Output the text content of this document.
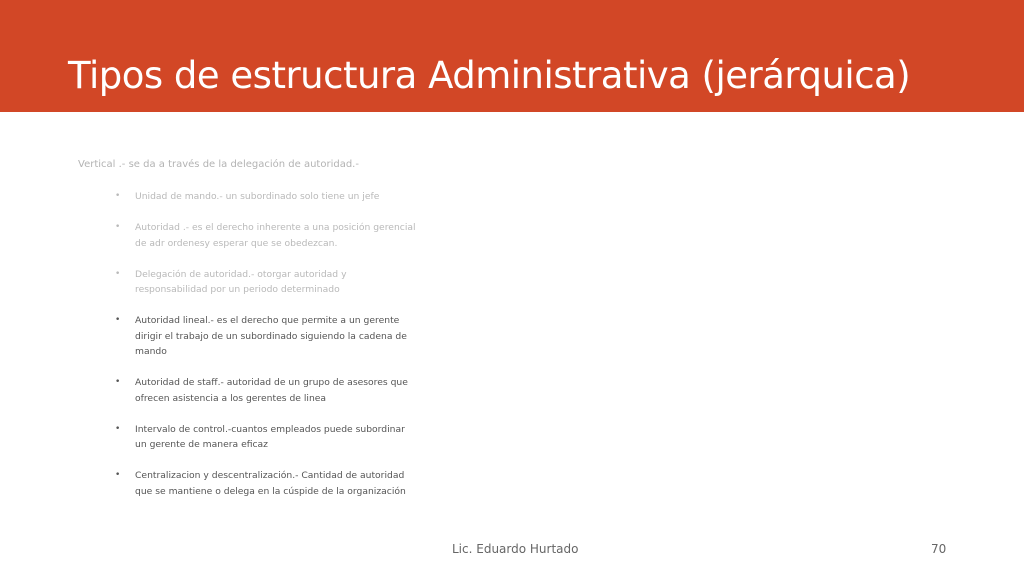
Tipos de estructura Administrativa (jerárquica)

Vertical .- se da a través de la delegación de autoridad.-

• Unidad de mando.- un subordinado solo tiene un jefe
• Autoridad .- es el derecho inherente a una posición gerencial de adr ordenesy esperar que se obedezcan.
• Delegación de autoridad.- otorgar autoridad y responsabilidad por un periodo determinado
• Autoridad lineal.- es el derecho que permite a un gerente dirigir el trabajo de un subordinado siguiendo la cadena de mando
• Autoridad de staff.- autoridad de un grupo de asesores que ofrecen asistencia a los gerentes de linea
• Intervalo de control.-cuantos empleados puede subordinar un gerente de manera eficaz
• Centralizacion y descentralización.- Cantidad de autoridad que se mantiene o delega en la cúspide de la organización
Lic. Eduardo Hurtado	70
